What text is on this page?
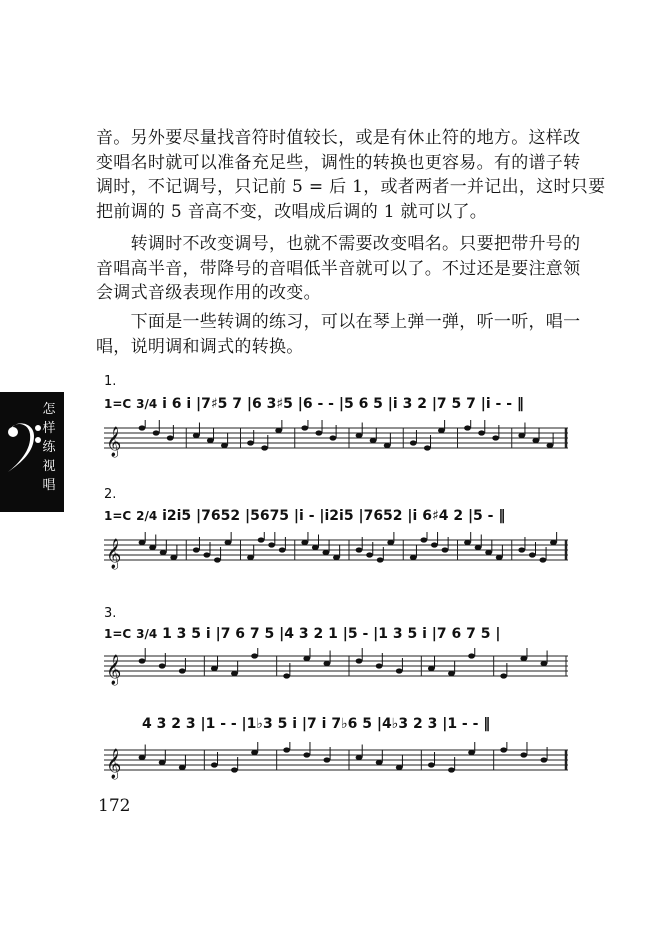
音。另外要尽量找音符时值较长，或是有休止符的地方。这样改
变唱名时就可以准备充足些，调性的转换也更容易。有的谱子转
调时，不记调号，只记前 5 = 后 1，或者两者一并记出，这时只要
把前调的 5 音高不变，改唱成后调的 1 就可以了。
　　转调时不改变调号，也就不需要改变唱名。只要把带升号的
音唱高半音，带降号的音唱低半音就可以了。不过还是要注意领
会调式音级表现作用的改变。
　　下面是一些转调的练习，可以在琴上弹一弹，听一听，唱一
唱，说明调和调式的转换。
怎
样
练
视
唱
1.
1=C 3/4 i 6 i |7♯5 7 |6 3♯5 |6 - - |5 6 5 |i 3 2 |7 5 7 |i - - ‖
𝄞
2.
1=C 2/4 i2i5 |7652 |5675 |i - |i2i5 |7652 |i 6♯4 2 |5 - ‖
𝄞
3.
1=C 3/4 1 3 5 i |7 6 7 5 |4 3 2 1 |5 - |1 3 5 i |7 6 7 5 |
𝄞
4 3 2 3 |1 - - |1♭3 5 i |7 i 7♭6 5 |4♭3 2 3 |1 - - ‖
𝄞
172
